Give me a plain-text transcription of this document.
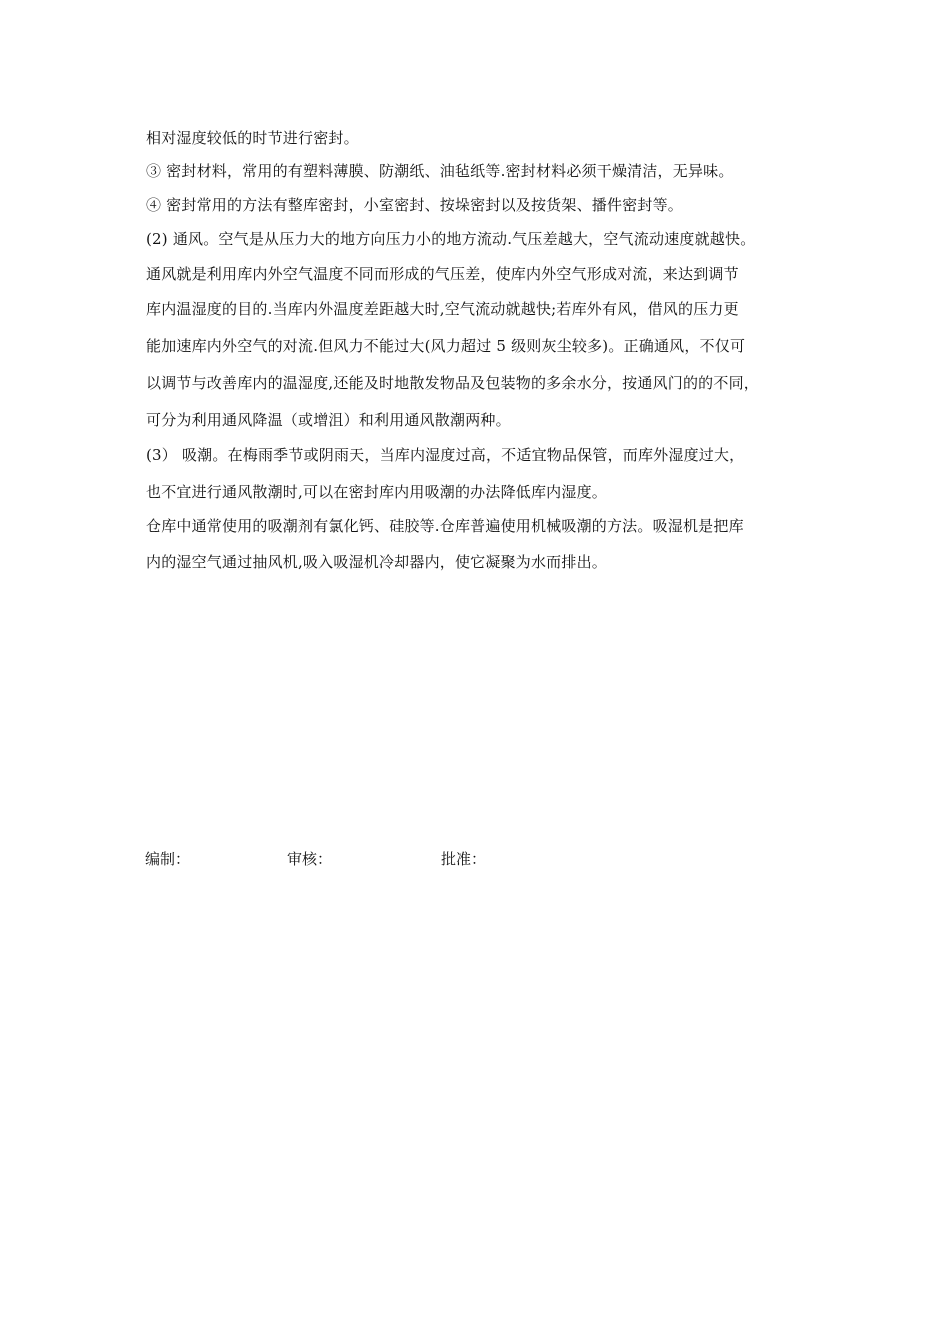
相对湿度较低的时节进行密封。
③ 密封材料，常用的有塑料薄膜、防潮纸、油毡纸等.密封材料必须干燥清洁，无异味。
④ 密封常用的方法有整库密封，小室密封、按垛密封以及按货架、播件密封等。
(2) 通风。空气是从压力大的地方向压力小的地方流动.气压差越大，空气流动速度就越快。
通风就是利用库内外空气温度不同而形成的气压差，使库内外空气形成对流，来达到调节
库内温湿度的目的.当库内外温度差距越大时,空气流动就越快;若库外有风，借风的压力更
能加速库内外空气的对流.但风力不能过大(风力超过 5 级则灰尘较多)。正确通风，不仅可
以调节与改善库内的温湿度,还能及时地散发物品及包装物的多余水分，按通风门的的不同，
可分为利用通风降温（或增沮）和利用通风散潮两种。
(3） 吸潮。在梅雨季节或阴雨天，当库内湿度过高，不适宜物品保管，而库外湿度过大，
也不宜进行通风散潮时,可以在密封库内用吸潮的办法降低库内湿度。
仓库中通常使用的吸潮剂有氯化钙、硅胶等.仓库普遍使用机械吸潮的方法。吸湿机是把库
内的湿空气通过抽风机,吸入吸湿机冷却器内，使它凝聚为水而排出。
编制：	审核：	批准：
